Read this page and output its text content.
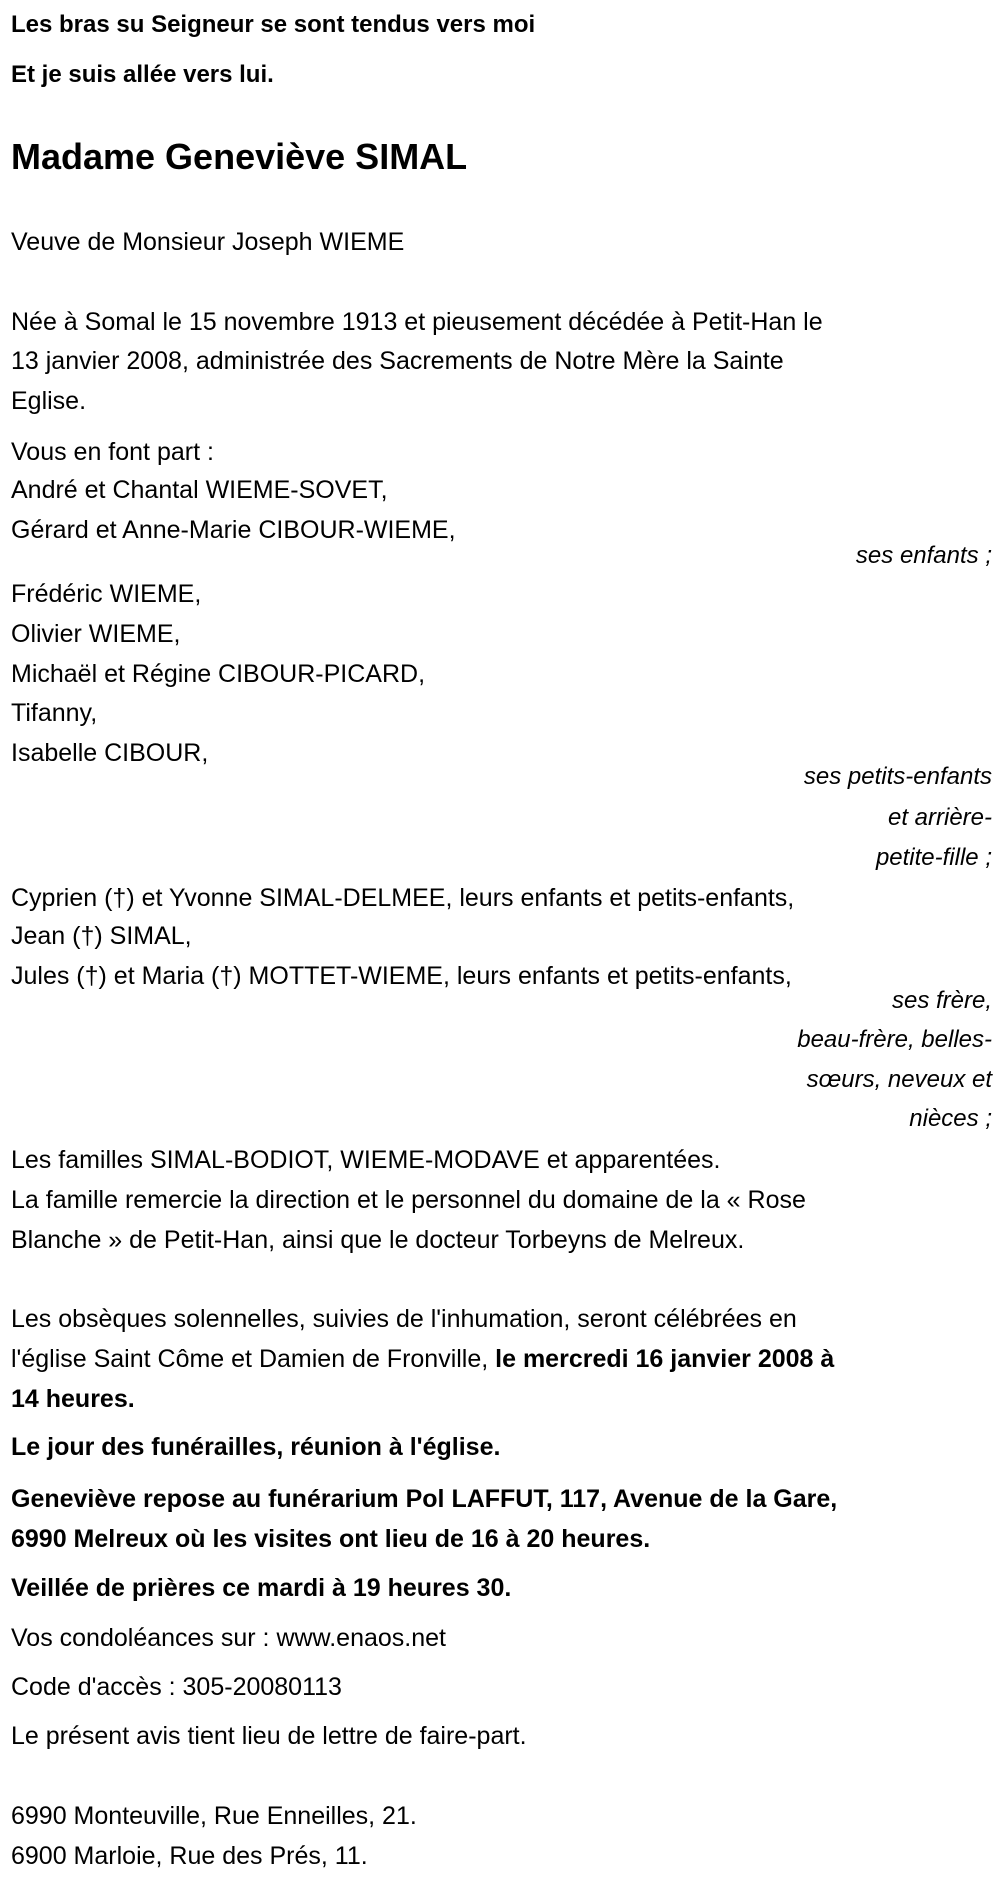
Les bras su Seigneur se sont tendus vers moi
Et je suis allée vers lui.
Madame Geneviève SIMAL
Veuve de Monsieur Joseph WIEME
Née à Somal le 15 novembre 1913 et pieusement décédée à Petit-Han le
13 janvier 2008, administrée des Sacrements de Notre Mère la Sainte
Eglise.
Vous en font part :
André et Chantal WIEME-SOVET,
Gérard et Anne-Marie CIBOUR-WIEME,
ses enfants ;
Frédéric WIEME,
Olivier WIEME,
Michaël et Régine CIBOUR-PICARD,
Tifanny,
Isabelle CIBOUR,
ses petits-enfants
et arrière-
petite-fille ;
Cyprien (†) et Yvonne SIMAL-DELMEE, leurs enfants et petits-enfants,
Jean (†) SIMAL,
Jules (†) et Maria (†) MOTTET-WIEME, leurs enfants et petits-enfants,
ses frère,
beau-frère, belles-
sœurs, neveux et
nièces ;
Les familles SIMAL-BODIOT, WIEME-MODAVE et apparentées.
La famille remercie la direction et le personnel du domaine de la « Rose
Blanche » de Petit-Han, ainsi que le docteur Torbeyns de Melreux.
Les obsèques solennelles, suivies de l'inhumation, seront célébrées en
l'église Saint Côme et Damien de Fronville, le mercredi 16 janvier 2008 à
14 heures.
Le jour des funérailles, réunion à l'église.
Geneviève repose au funérarium Pol LAFFUT, 117, Avenue de la Gare,
6990 Melreux où les visites ont lieu de 16 à 20 heures.
Veillée de prières ce mardi à 19 heures 30.
Vos condoléances sur : www.enaos.net
Code d'accès : 305-20080113
Le présent avis tient lieu de lettre de faire-part.
6990 Monteuville, Rue Enneilles, 21.
6900 Marloie, Rue des Prés, 11.
